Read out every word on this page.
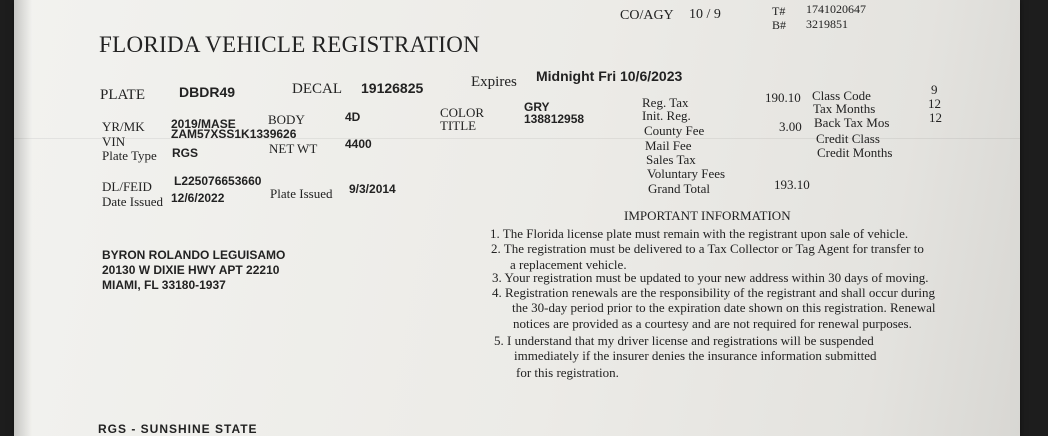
CO/AGY 10 / 9	T# 1741020647
B# 3219851
FLORIDA VEHICLE REGISTRATION
PLATE DBDR49	DECAL 19126825	Expires Midnight Fri 10/6/2023
YR/MK 2019/MASE BODY	4D	COLOR	GRY
VIN	ZAM57XSS1K1339626
TITLE	138812958
Plate Type RGS	NET WT 4400
DL/FEID L225076653660
Date Issued 12/6/2022	Plate Issued 9/3/2014
Reg. Tax	190.10
Init. Reg.
County Fee	3.00
Mail Fee
Sales Tax
Voluntary Fees
Grand Total	193.10
Class Code	9
Tax Months	12
Back Tax Mos	12
Credit Class
Credit Months
BYRON ROLANDO LEGUISAMO
20130 W DIXIE HWY APT 22210
MIAMI, FL 33180-1937
IMPORTANT INFORMATION
1. The Florida license plate must remain with the registrant upon sale of vehicle.
2. The registration must be delivered to a Tax Collector or Tag Agent for transfer to
a replacement vehicle.
3. Your registration must be updated to your new address within 30 days of moving.
4. Registration renewals are the responsibility of the registrant and shall occur during
the 30-day period prior to the expiration date shown on this registration. Renewal
notices are provided as a courtesy and are not required for renewal purposes.
5. I understand that my driver license and registrations will be suspended
immediately if the insurer denies the insurance information submitted
for this registration.
RGS - SUNSHINE STATE
